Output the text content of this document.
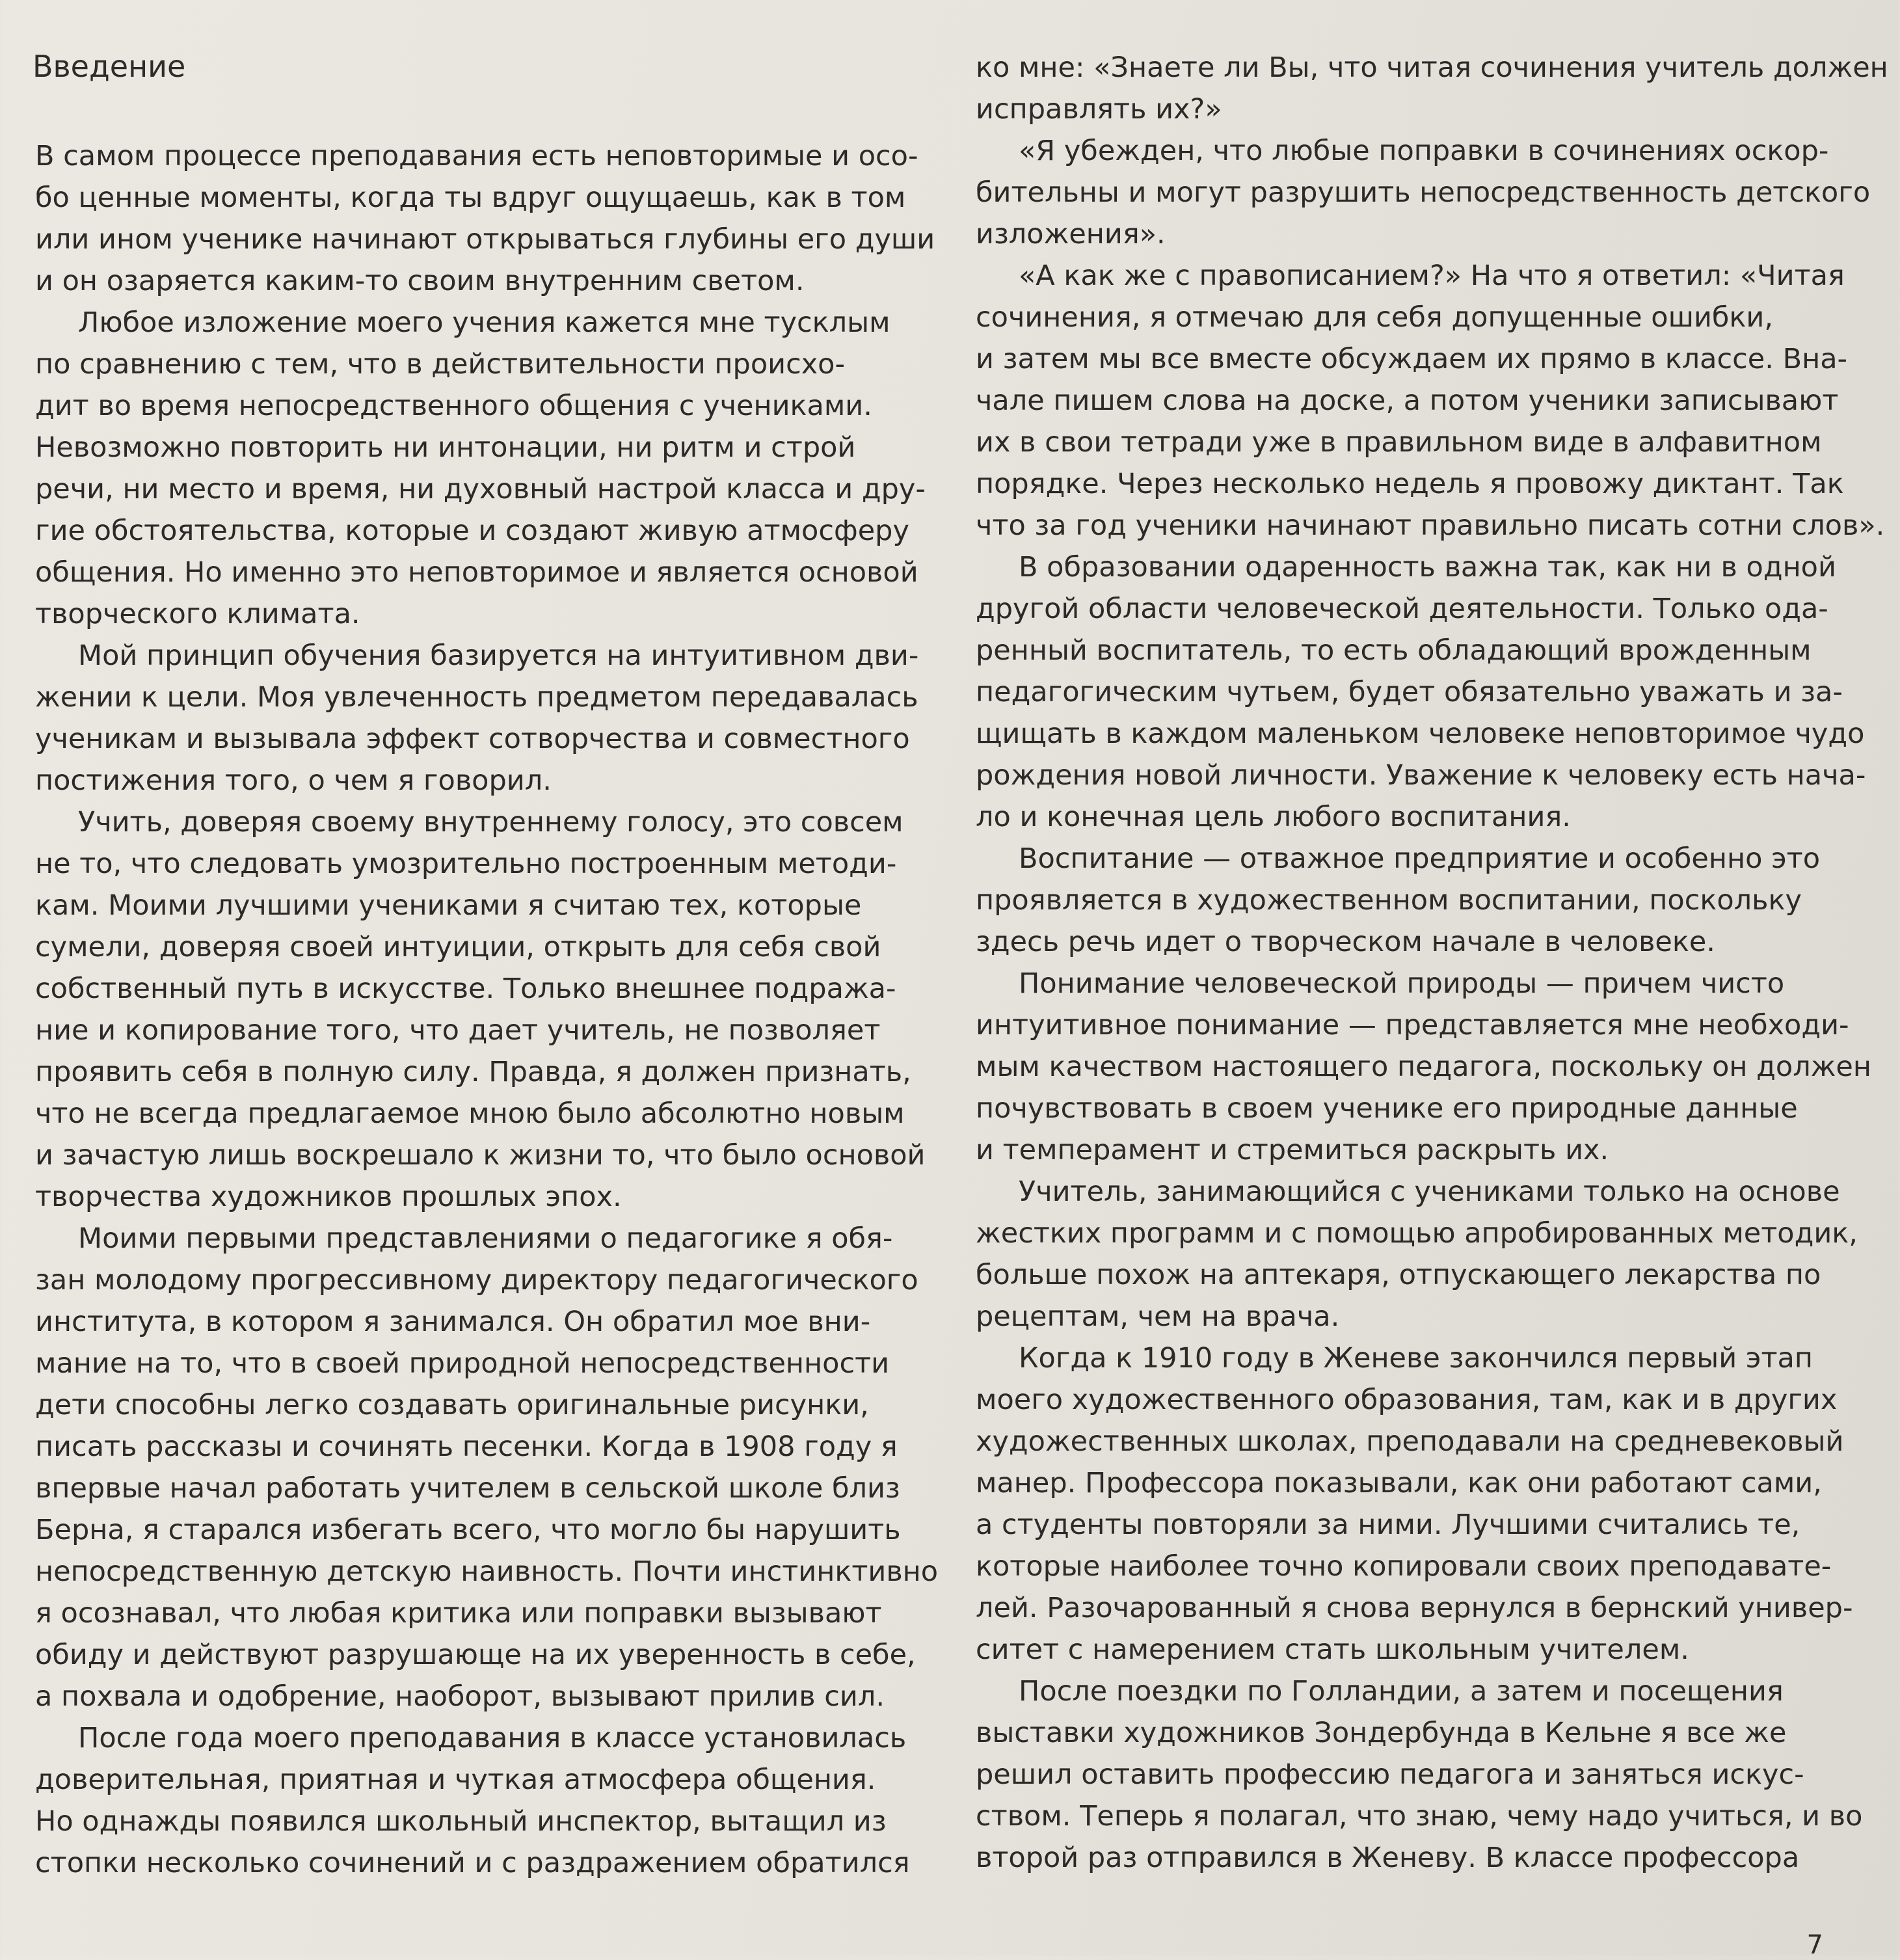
Введение
В самом процессе преподавания есть неповторимые и осо-
бо ценные моменты, когда ты вдруг ощущаешь, как в том
или ином ученике начинают открываться глубины его души
и он озаряется каким-то своим внутренним светом.
Любое изложение моего учения кажется мне тусклым
по сравнению с тем, что в действительности происхо-
дит во время непосредственного общения с учениками.
Невозможно повторить ни интонации, ни ритм и строй
речи, ни место и время, ни духовный настрой класса и дру-
гие обстоятельства, которые и создают живую атмосферу
общения. Но именно это неповторимое и является основой
творческого климата.
Мой принцип обучения базируется на интуитивном дви-
жении к цели. Моя увлеченность предметом передавалась
ученикам и вызывала эффект сотворчества и совместного
постижения того, о чем я говорил.
Учить, доверяя своему внутреннему голосу, это совсем
не то, что следовать умозрительно построенным методи-
кам. Моими лучшими учениками я считаю тех, которые
сумели, доверяя своей интуиции, открыть для себя свой
собственный путь в искусстве. Только внешнее подража-
ние и копирование того, что дает учитель, не позволяет
проявить себя в полную силу. Правда, я должен признать,
что не всегда предлагаемое мною было абсолютно новым
и зачастую лишь воскрешало к жизни то, что было основой
творчества художников прошлых эпох.
Моими первыми представлениями о педагогике я обя-
зан молодому прогрессивному директору педагогического
института, в котором я занимался. Он обратил мое вни-
мание на то, что в своей природной непосредственности
дети способны легко создавать оригинальные рисунки,
писать рассказы и сочинять песенки. Когда в 1908 году я
впервые начал работать учителем в сельской школе близ
Берна, я старался избегать всего, что могло бы нарушить
непосредственную детскую наивность. Почти инстинктивно
я осознавал, что любая критика или поправки вызывают
обиду и действуют разрушающе на их уверенность в себе,
а похвала и одобрение, наоборот, вызывают прилив сил.
После года моего преподавания в классе установилась
доверительная, приятная и чуткая атмосфера общения.
Но однажды появился школьный инспектор, вытащил из
стопки несколько сочинений и с раздражением обратился
ко мне: «Знаете ли Вы, что читая сочинения учитель должен
исправлять их?»
«Я убежден, что любые поправки в сочинениях оскор-
бительны и могут разрушить непосредственность детского
изложения».
«А как же с правописанием?» На что я ответил: «Читая
сочинения, я отмечаю для себя допущенные ошибки,
и затем мы все вместе обсуждаем их прямо в классе. Вна-
чале пишем слова на доске, а потом ученики записывают
их в свои тетради уже в правильном виде в алфавитном
порядке. Через несколько недель я провожу диктант. Так
что за год ученики начинают правильно писать сотни слов».
В образовании одаренность важна так, как ни в одной
другой области человеческой деятельности. Только ода-
ренный воспитатель, то есть обладающий врожденным
педагогическим чутьем, будет обязательно уважать и за-
щищать в каждом маленьком человеке неповторимое чудо
рождения новой личности. Уважение к человеку есть нача-
ло и конечная цель любого воспитания.
Воспитание — отважное предприятие и особенно это
проявляется в художественном воспитании, поскольку
здесь речь идет о творческом начале в человеке.
Понимание человеческой природы — причем чисто
интуитивное понимание — представляется мне необходи-
мым качеством настоящего педагога, поскольку он должен
почувствовать в своем ученике его природные данные
и темперамент и стремиться раскрыть их.
Учитель, занимающийся с учениками только на основе
жестких программ и с помощью апробированных методик,
больше похож на аптекаря, отпускающего лекарства по
рецептам, чем на врача.
Когда к 1910 году в Женеве закончился первый этап
моего художественного образования, там, как и в других
художественных школах, преподавали на средневековый
манер. Профессора показывали, как они работают сами,
а студенты повторяли за ними. Лучшими считались те,
которые наиболее точно копировали своих преподавате-
лей. Разочарованный я снова вернулся в бернский универ-
ситет с намерением стать школьным учителем.
После поездки по Голландии, а затем и посещения
выставки художников Зондербунда в Кельне я все же
решил оставить профессию педагога и заняться искус-
ством. Теперь я полагал, что знаю, чему надо учиться, и во
второй раз отправился в Женеву. В классе профессора
7
